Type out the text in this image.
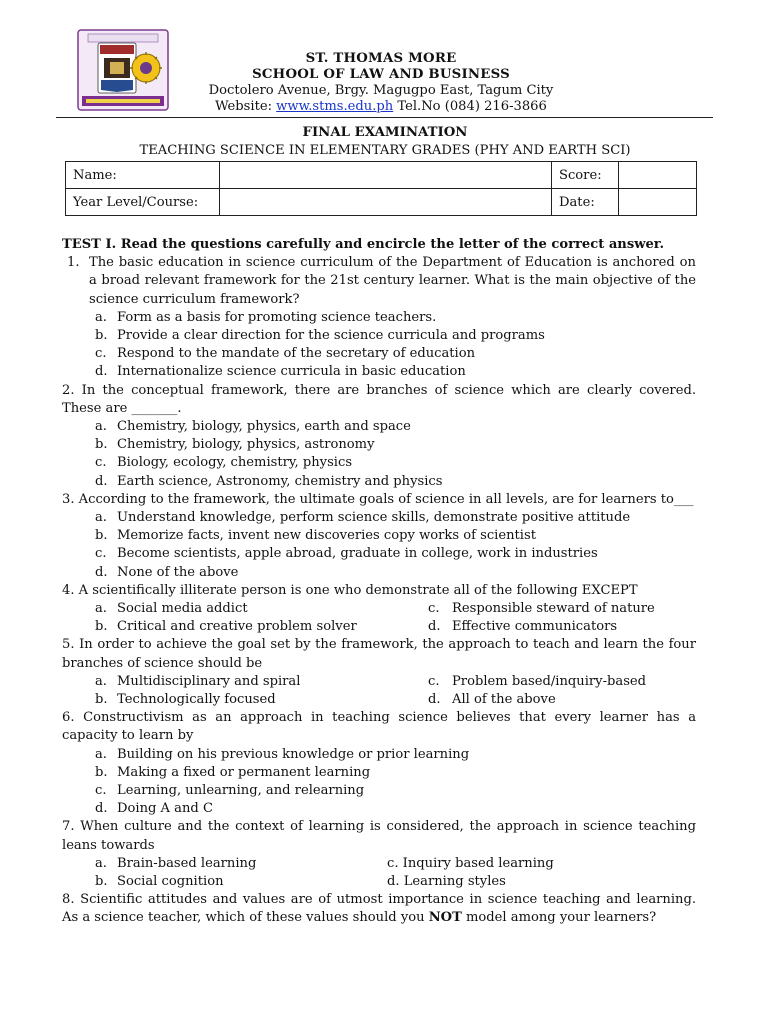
ST. THOMAS MORE
SCHOOL OF LAW AND BUSINESS
Doctolero Avenue, Brgy. Magugpo East, Tagum City
Website: www.stms.edu.ph Tel.No (084) 216-3866
FINAL EXAMINATION
TEACHING SCIENCE IN ELEMENTARY GRADES (PHY AND EARTH SCI)
Name:		Score:	
Year Level/Course:		Date:	
TEST I. Read the questions carefully and encircle the letter of the correct answer.
1. The basic education in science curriculum of the Department of Education is anchored on a broad relevant framework for the 21st century learner. What is the main objective of the science curriculum framework?
a. Form as a basis for promoting science teachers.
b. Provide a clear direction for the science curricula and programs
c. Respond to the mandate of the secretary of education
d. Internationalize science curricula in basic education
2. In the conceptual framework, there are branches of science which are clearly covered. These are _______.
a. Chemistry, biology, physics, earth and space
b. Chemistry, biology, physics, astronomy
c. Biology, ecology, chemistry, physics
d. Earth science, Astronomy, chemistry and physics
3. According to the framework, the ultimate goals of science in all levels, are for learners to___
a. Understand knowledge, perform science skills, demonstrate positive attitude
b. Memorize facts, invent new discoveries copy works of scientist
c. Become scientists, apple abroad, graduate in college, work in industries
d. None of the above
4. A scientifically illiterate person is one who demonstrate all of the following EXCEPT
a. Social media addict	c. Responsible steward of nature
b. Critical and creative problem solver	d. Effective communicators
5. In order to achieve the goal set by the framework, the approach to teach and learn the four branches of science should be
a. Multidisciplinary and spiral	c. Problem based/inquiry-based
b. Technologically focused	d. All of the above
6. Constructivism as an approach in teaching science believes that every learner has a capacity to learn by
a. Building on his previous knowledge or prior learning
b. Making a fixed or permanent learning
c. Learning, unlearning, and relearning
d. Doing A and C
7. When culture and the context of learning is considered, the approach in science teaching leans towards
a. Brain-based learning	c. Inquiry based learning
b. Social cognition	d. Learning styles
8. Scientific attitudes and values are of utmost importance in science teaching and learning. As a science teacher, which of these values should you NOT model among your learners?
